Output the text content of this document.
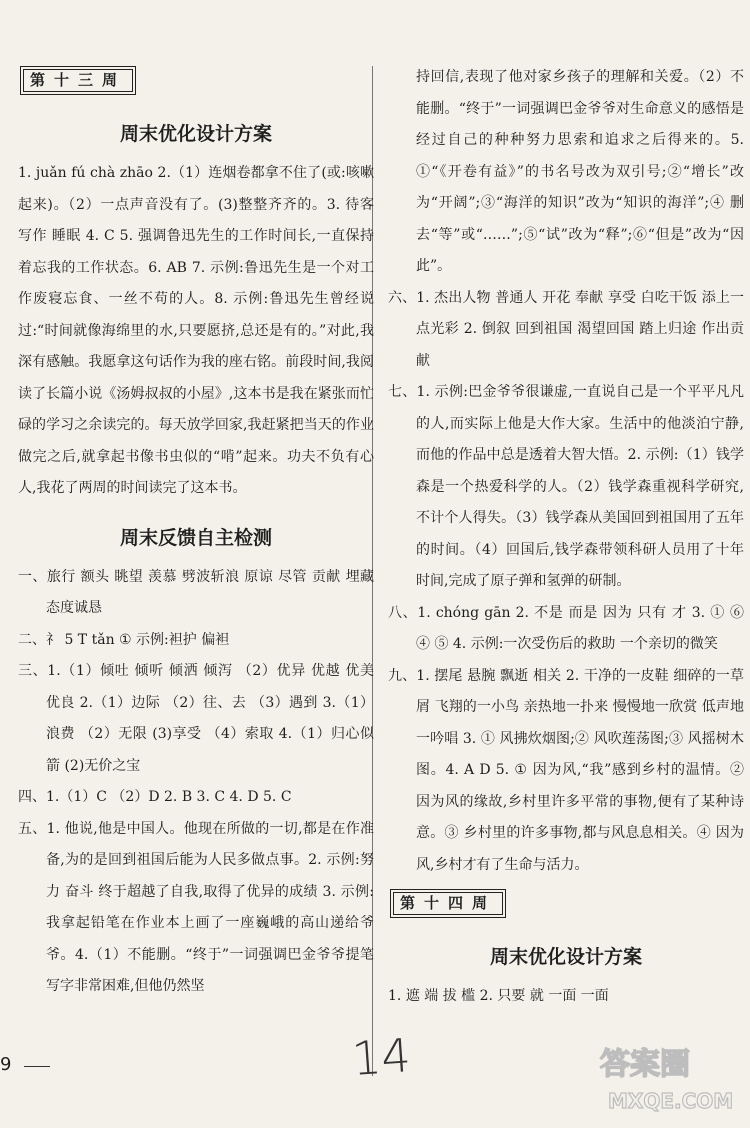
第十三周
周末优化设计方案

1. juǎn fú chà zhāo 2.（1）连烟卷都拿不住了(或:咳嗽起来)。（2）一点声音没有了。(3)整整齐齐的。3. 待客 写作 睡眠 4. C 5. 强调鲁迅先生的工作时间长,一直保持着忘我的工作状态。6. AB 7. 示例:鲁迅先生是一个对工作废寝忘食、一丝不苟的人。8. 示例:鲁迅先生曾经说过:“时间就像海绵里的水,只要愿挤,总还是有的。”对此,我深有感触。我愿拿这句话作为我的座右铭。前段时间,我阅读了长篇小说《汤姆叔叔的小屋》,这本书是我在紧张而忙碌的学习之余读完的。每天放学回家,我赶紧把当天的作业做完之后,就拿起书像书虫似的“啃”起来。功夫不负有心人,我花了两周的时间读完了这本书。

周末反馈自主检测

一、旅行 额头 眺望 羡慕 劈波斩浪 原谅 尽管 贡献 埋藏 态度诚恳

二、礻 5 T tǎn ① 示例:袒护 偏袒

三、1.（1）倾吐 倾听 倾洒 倾泻 （2）优异 优越 优美 优良 2.（1）边际 （2）往、去 （3）遇到 3.（1）浪费 （2）无限 (3)享受 （4）索取 4.（1）归心似箭 (2)无价之宝

四、1.（1）C （2）D 2. B 3. C 4. D 5. C

五、1. 他说,他是中国人。他现在所做的一切,都是在作准备,为的是回到祖国后能为人民多做点事。2. 示例:努力 奋斗 终于超越了自我,取得了优异的成绩 3. 示例:我拿起铅笔在作业本上画了一座巍峨的高山递给爷爷。4.（1）不能删。“终于”一词强调巴金爷爷提笔写字非常困难,但他仍然坚

持回信,表现了他对家乡孩子的理解和关爱。（2）不能删。“终于”一词强调巴金爷爷对生命意义的感悟是经过自己的种种努力思索和追求之后得来的。5. ①“《开卷有益》”的书名号改为双引号;②“增长”改为“开阔”;③“海洋的知识”改为“知识的海洋”;④ 删去“等”或“……”;⑤“试”改为“释”;⑥“但是”改为“因此”。

六、1. 杰出人物 普通人 开花 奉献 享受 白吃干饭 添上一点光彩 2. 倒叙 回到祖国 渴望回国 踏上归途 作出贡献

七、1. 示例:巴金爷爷很谦虚,一直说自己是一个平平凡凡的人,而实际上他是大作大家。生活中的他淡泊宁静,而他的作品中总是透着大智大悟。2. 示例:（1）钱学森是一个热爱科学的人。（2）钱学森重视科学研究,不计个人得失。（3）钱学森从美国回到祖国用了五年的时间。（4）回国后,钱学森带领科研人员用了十年时间,完成了原子弹和氢弹的研制。

八、1. chóng gān 2. 不是 而是 因为 只有 才 3. ① ⑥ ④ ⑤ 4. 示例:一次受伤后的救助 一个亲切的微笑

九、1. 摆尾 悬腕 飘逝 相关 2. 干净的一皮鞋 细碎的一草屑 飞翔的一小鸟 亲热地一扑来 慢慢地一欣赏 低声地一吟唱 3. ① 风拂炊烟图;② 风吹莲荡图;③ 风摇树木图。4. A D 5. ① 因为风,“我”感到乡村的温情。② 因为风的缘故,乡村里许多平常的事物,便有了某种诗意。③ 乡村里的许多事物,都与风息息相关。④ 因为风,乡村才有了生命与活力。

第十四周
周末优化设计方案

1. 遮 端 拔 槛 2. 只要 就 一面 一面

9	14	答案圈
MXQE.COM
